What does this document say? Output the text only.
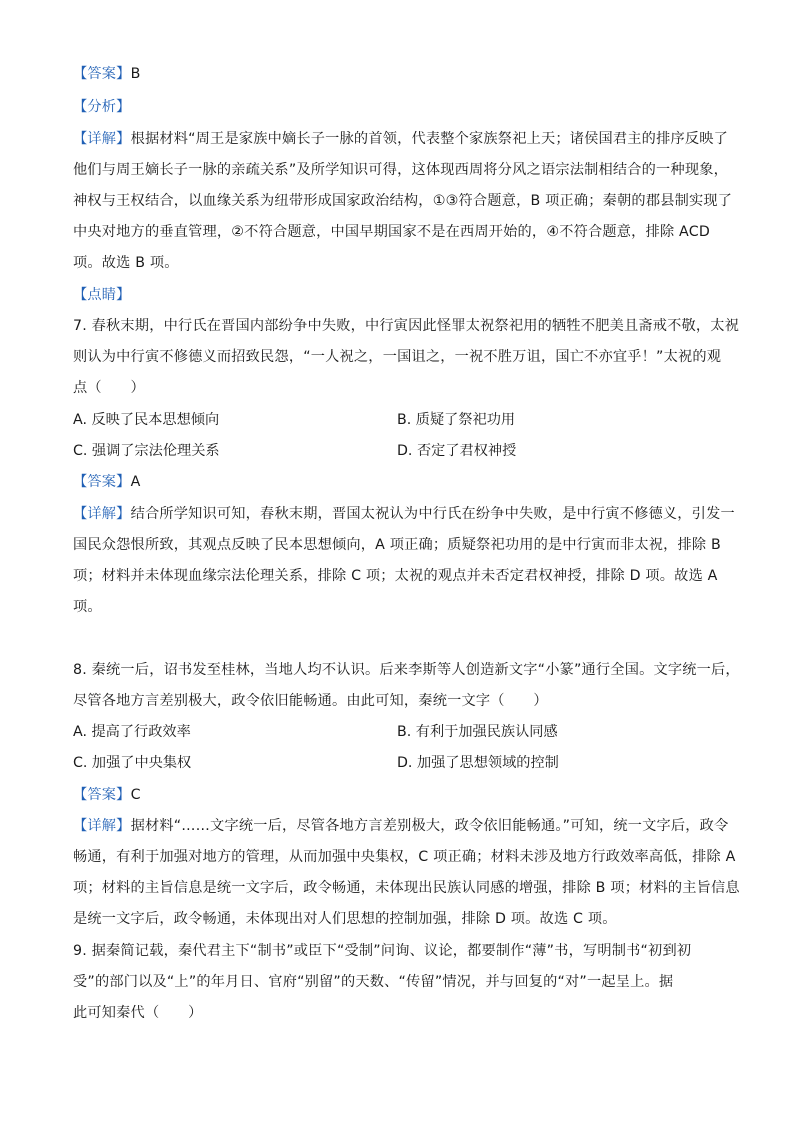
【答案】B
【分析】
【详解】根据材料“周王是家族中嫡长子一脉的首领，代表整个家族祭祀上天；诸侯国君主的排序反映了
他们与周王嫡长子一脉的亲疏关系”及所学知识可得，这体现西周将分风之语宗法制相结合的一种现象，
神权与王权结合，以血缘关系为纽带形成国家政治结构，①③符合题意，B 项正确；秦朝的郡县制实现了
中央对地方的垂直管理，②不符合题意，中国早期国家不是在西周开始的，④不符合题意，排除 ACD
项。故选 B 项。
【点睛】
7. 春秋末期，中行氏在晋国内部纷争中失败，中行寅因此怪罪太祝祭祀用的牺牲不肥美且斋戒不敬，太祝
则认为中行寅不修德义而招致民怨，“一人祝之，一国诅之，一祝不胜万诅，国亡不亦宜乎！”太祝的观
点（　　）
A. 反映了民本思想倾向	B. 质疑了祭祀功用
C. 强调了宗法伦理关系	D. 否定了君权神授
【答案】A
【详解】结合所学知识可知，春秋末期，晋国太祝认为中行氏在纷争中失败，是中行寅不修德义，引发一
国民众怨恨所致，其观点反映了民本思想倾向，A 项正确；质疑祭祀功用的是中行寅而非太祝，排除 B
项；材料并未体现血缘宗法伦理关系，排除 C 项；太祝的观点并未否定君权神授，排除 D 项。故选 A
项。
8. 秦统一后，诏书发至桂林，当地人均不认识。后来李斯等人创造新文字“小篆”通行全国。文字统一后，
尽管各地方言差别极大，政令依旧能畅通。由此可知，秦统一文字（　　）
A. 提高了行政效率	B. 有利于加强民族认同感
C. 加强了中央集权	D. 加强了思想领域的控制
【答案】C
【详解】据材料“……文字统一后，尽管各地方言差别极大，政令依旧能畅通。”可知，统一文字后，政令
畅通，有利于加强对地方的管理，从而加强中央集权，C 项正确；材料未涉及地方行政效率高低，排除 A
项；材料的主旨信息是统一文字后，政令畅通，未体现出民族认同感的增强，排除 B 项；材料的主旨信息
是统一文字后，政令畅通，未体现出对人们思想的控制加强，排除 D 项。故选 C 项。
9. 据秦简记载，秦代君主下“制书”或臣下“受制”问询、议论，都要制作“薄”书，写明制书“初到初
受”的部门以及“上”的年月日、官府“别留”的天数、“传留”情况，并与回复的“对”一起呈上。据
此可知秦代（　　）
